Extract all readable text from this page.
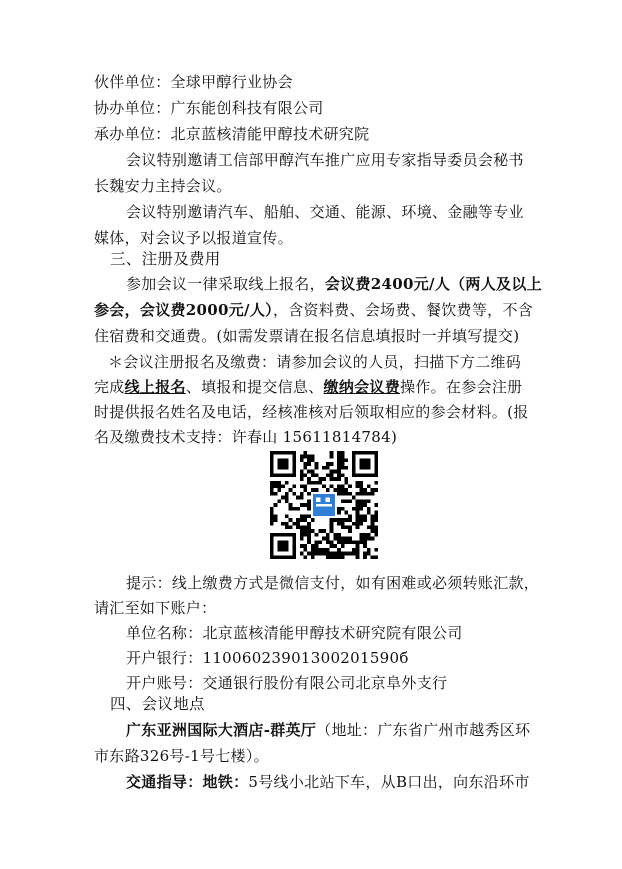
伙伴单位：全球甲醇行业协会
协办单位：广东能创科技有限公司
承办单位：北京蓝核清能甲醇技术研究院
会议特别邀请工信部甲醇汽车推广应用专家指导委员会秘书
长魏安力主持会议。
会议特别邀请汽车、船舶、交通、能源、环境、金融等专业
媒体，对会议予以报道宣传。
三、注册及费用
参加会议一律采取线上报名，会议费2400元/人（两人及以上
参会，会议费2000元/人），含资料费、会场费、餐饮费等，不含
住宿费和交通费。(如需发票请在报名信息填报时一并填写提交)
＊会议注册报名及缴费：请参加会议的人员，扫描下方二维码
完成线上报名、填报和提交信息、缴纳会议费操作。在参会注册
时提供报名姓名及电话，经核准核对后领取相应的参会材料。(报
名及缴费技术支持：许春山 15611814784)
提示：线上缴费方式是微信支付，如有困难或必须转账汇款，
请汇至如下账户：
单位名称：北京蓝核清能甲醇技术研究院有限公司
开户银行：11006023901300201590б
开户账号：交通银行股份有限公司北京阜外支行
四、会议地点
广东亚洲国际大酒店-群英厅（地址：广东省广州市越秀区环
市东路326号-1号七楼）。
交通指导：地铁：5号线小北站下车，从B口出，向东沿环市
